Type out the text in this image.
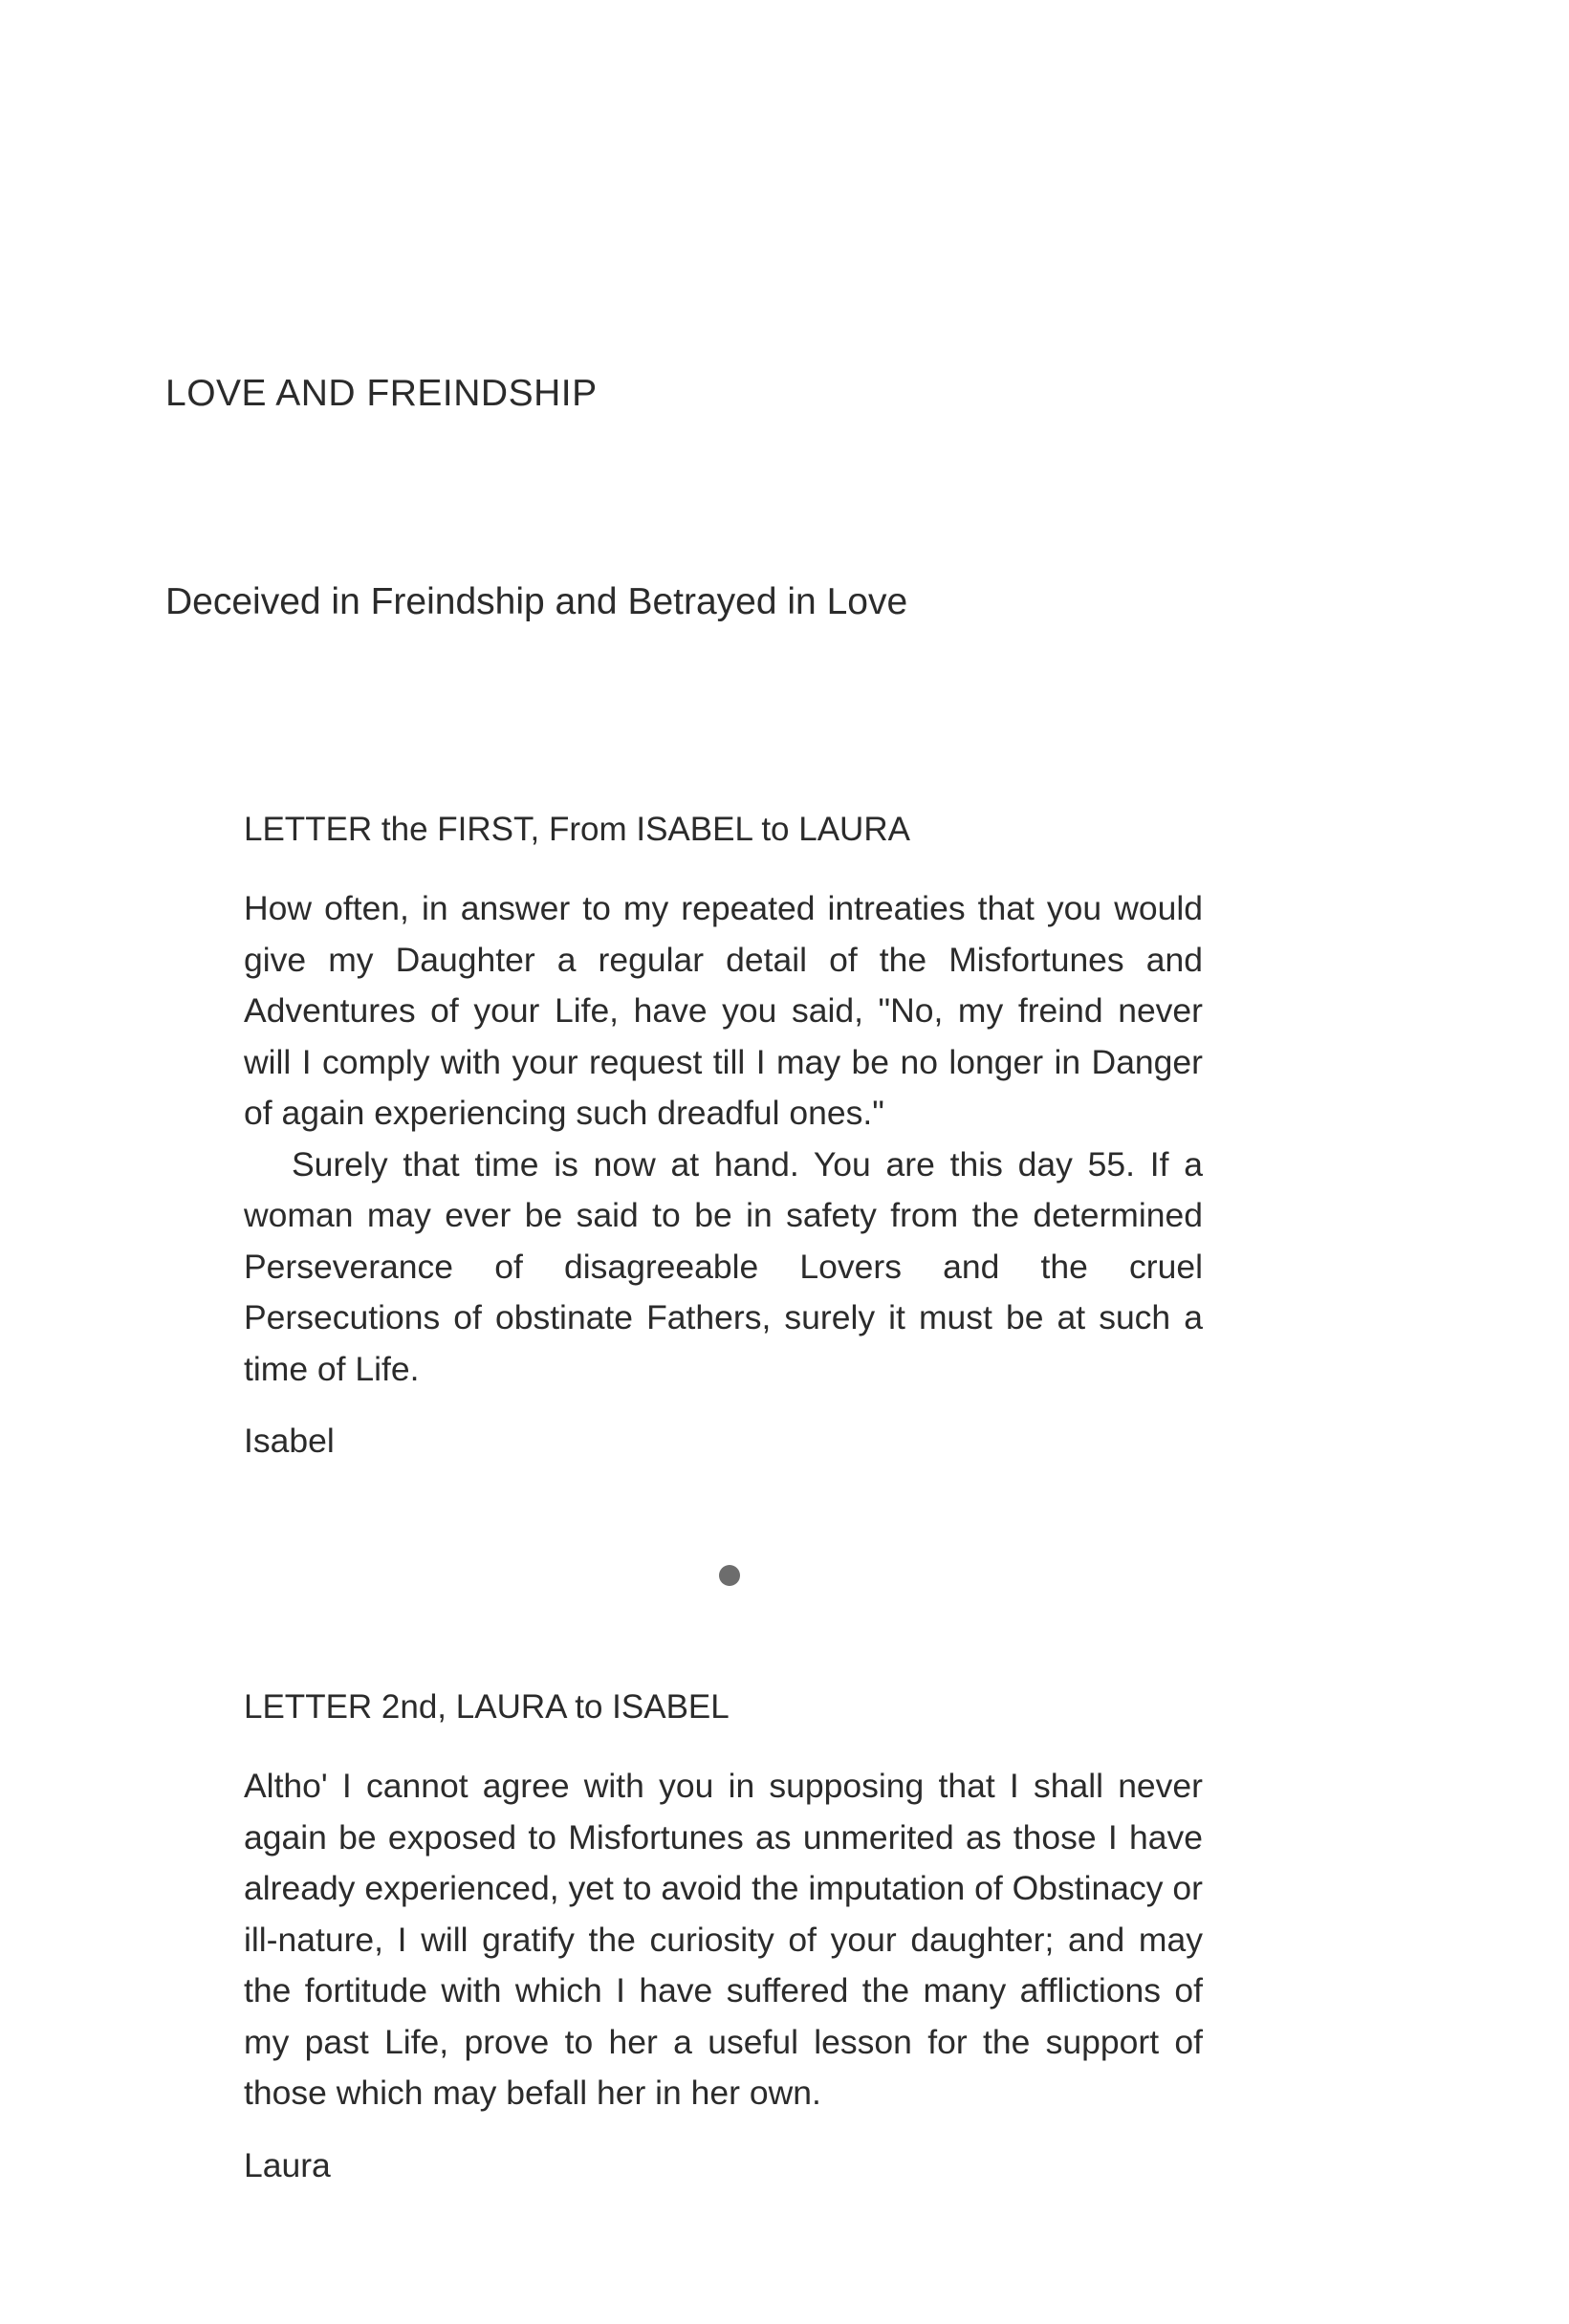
LOVE AND FREINDSHIP
Deceived in Freindship and Betrayed in Love
LETTER the FIRST, From ISABEL to LAURA

How often, in answer to my repeated intreaties that you would give my Daughter a regular detail of the Misfortunes and Adventures of your Life, have you said, "No, my freind never will I comply with your request till I may be no longer in Danger of again experiencing such dreadful ones."

Surely that time is now at hand. You are this day 55. If a woman may ever be said to be in safety from the determined Perseverance of disagreeable Lovers and the cruel Persecutions of obstinate Fathers, surely it must be at such a time of Life.

Isabel

LETTER 2nd, LAURA to ISABEL

Altho' I cannot agree with you in supposing that I shall never again be exposed to Misfortunes as unmerited as those I have already experienced, yet to avoid the imputation of Obstinacy or ill-nature, I will gratify the curiosity of your daughter; and may the fortitude with which I have suffered the many afflictions of my past Life, prove to her a useful lesson for the support of those which may befall her in her own.

Laura
